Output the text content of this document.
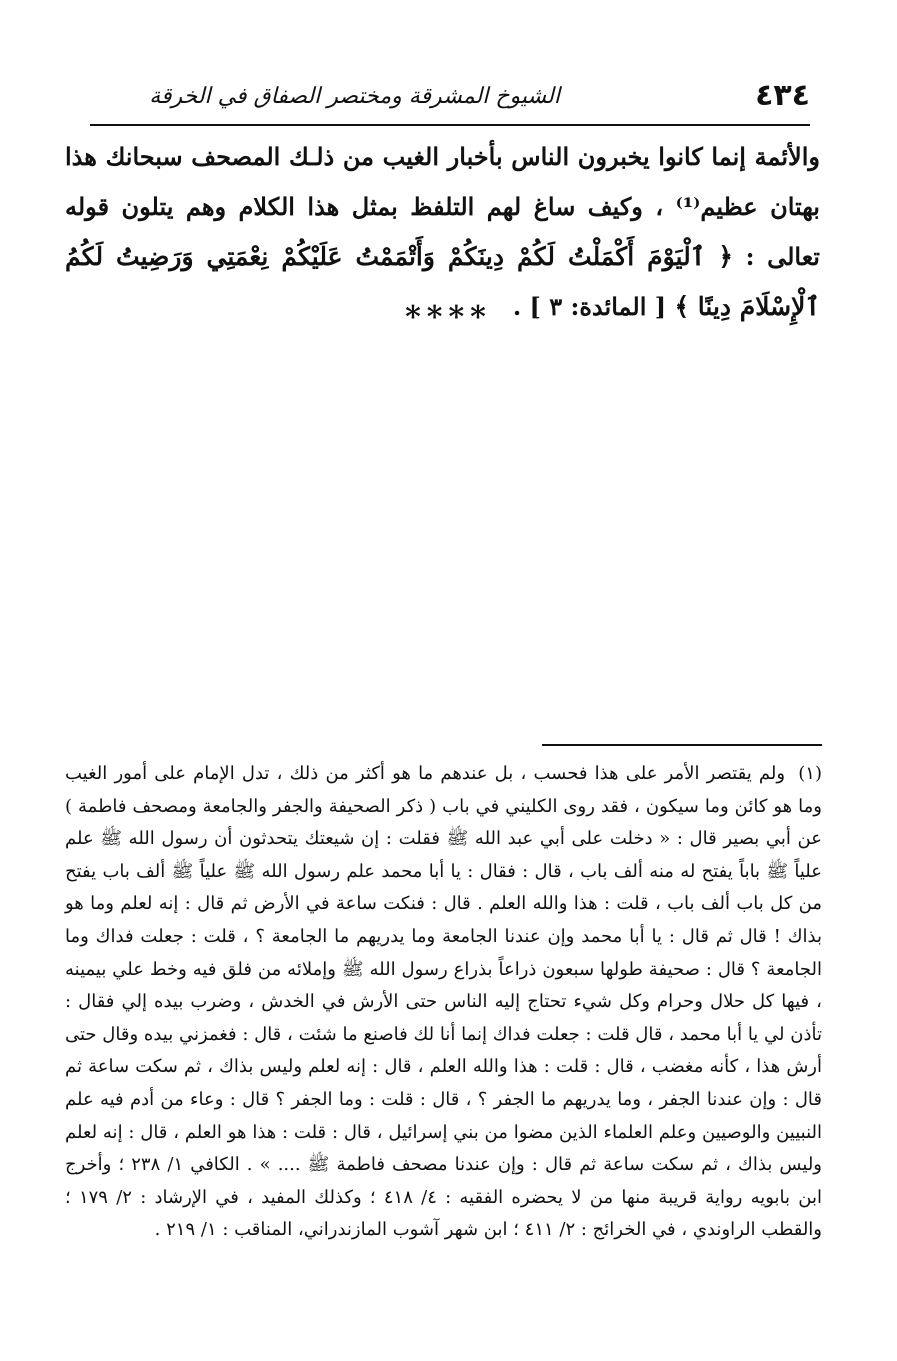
٤٣٤
الشيوخ المشرقة ومختصر الصفاق في الخرقة

والأئمة إنما كانوا يخبرون الناس بأخبار الغيب من ذلـك المصحف سبحانك هذا بهتان عظيم⁽¹⁾ ، وكيف ساغ لهم التلفظ بمثل هذا الكلام وهم يتلون قوله تعالى : ﴿ ٱلْيَوْمَ أَكْمَلْتُ لَكُمْ دِينَكُمْ وَأَتْمَمْتُ عَلَيْكُمْ نِعْمَتِي وَرَضِيتُ لَكُمُ ٱلْإِسْلَامَ دِينًا ﴾ [ المائدة: ٣ ] .

****

(١) ولم يقتصر الأمر على هذا فحسب ، بل عندهم ما هو أكثر من ذلك ، تدل الإمام على أمور الغيب وما هو كائن وما سيكون ، فقد روى الكليني في باب ( ذكر الصحيفة والجفر والجامعة ومصحف فاطمة ) عن أبي بصير قال : « دخلت على أبي عبد الله ﷺ فقلت : إن شيعتك يتحدثون أن رسول الله ﷺ علم علياً ﷺ باباً يفتح له منه ألف باب ، قال : فقال : يا أبا محمد علم رسول الله ﷺ علياً ﷺ ألف باب يفتح من كل باب ألف باب ، قلت : هذا والله العلم . قال : فنكت ساعة في الأرض ثم قال : إنه لعلم وما هو بذاك ! قال ثم قال : يا أبا محمد وإن عندنا الجامعة وما يدريهم ما الجامعة ؟ ، قلت : جعلت فداك وما الجامعة ؟ قال : صحيفة طولها سبعون ذراعاً بذراع رسول الله ﷺ وإملائه من فلق فيه وخط علي بيمينه ، فيها كل حلال وحرام وكل شيء تحتاج إليه الناس حتى الأرش في الخدش ، وضرب بيده إلي فقال : تأذن لي يا أبا محمد ، قال قلت : جعلت فداك إنما أنا لك فاصنع ما شئت ، قال : فغمزني بيده وقال حتى أرش هذا ، كأنه مغضب ، قال : قلت : هذا والله العلم ، قال : إنه لعلم وليس بذاك ، ثم سكت ساعة ثم قال : وإن عندنا الجفر ، وما يدريهم ما الجفر ؟ ، قال : قلت : وما الجفر ؟ قال : وعاء من أدم فيه علم النبيين والوصيين وعلم العلماء الذين مضوا من بني إسرائيل ، قال : قلت : هذا هو العلم ، قال : إنه لعلم وليس بذاك ، ثم سكت ساعة ثم قال : وإن عندنا مصحف فاطمة ﷺ .... » . الكافي ١/ ٢٣٨ ؛ وأخرج ابن بابويه رواية قريبة منها من لا يحضره الفقيه : ٤/ ٤١٨ ؛ وكذلك المفيد ، في الإرشاد : ٢/ ١٧٩ ؛ والقطب الراوندي ، في الخرائج : ٢/ ٤١١ ؛ ابن شهر آشوب المازندراني، المناقب : ١/ ٢١٩ .
